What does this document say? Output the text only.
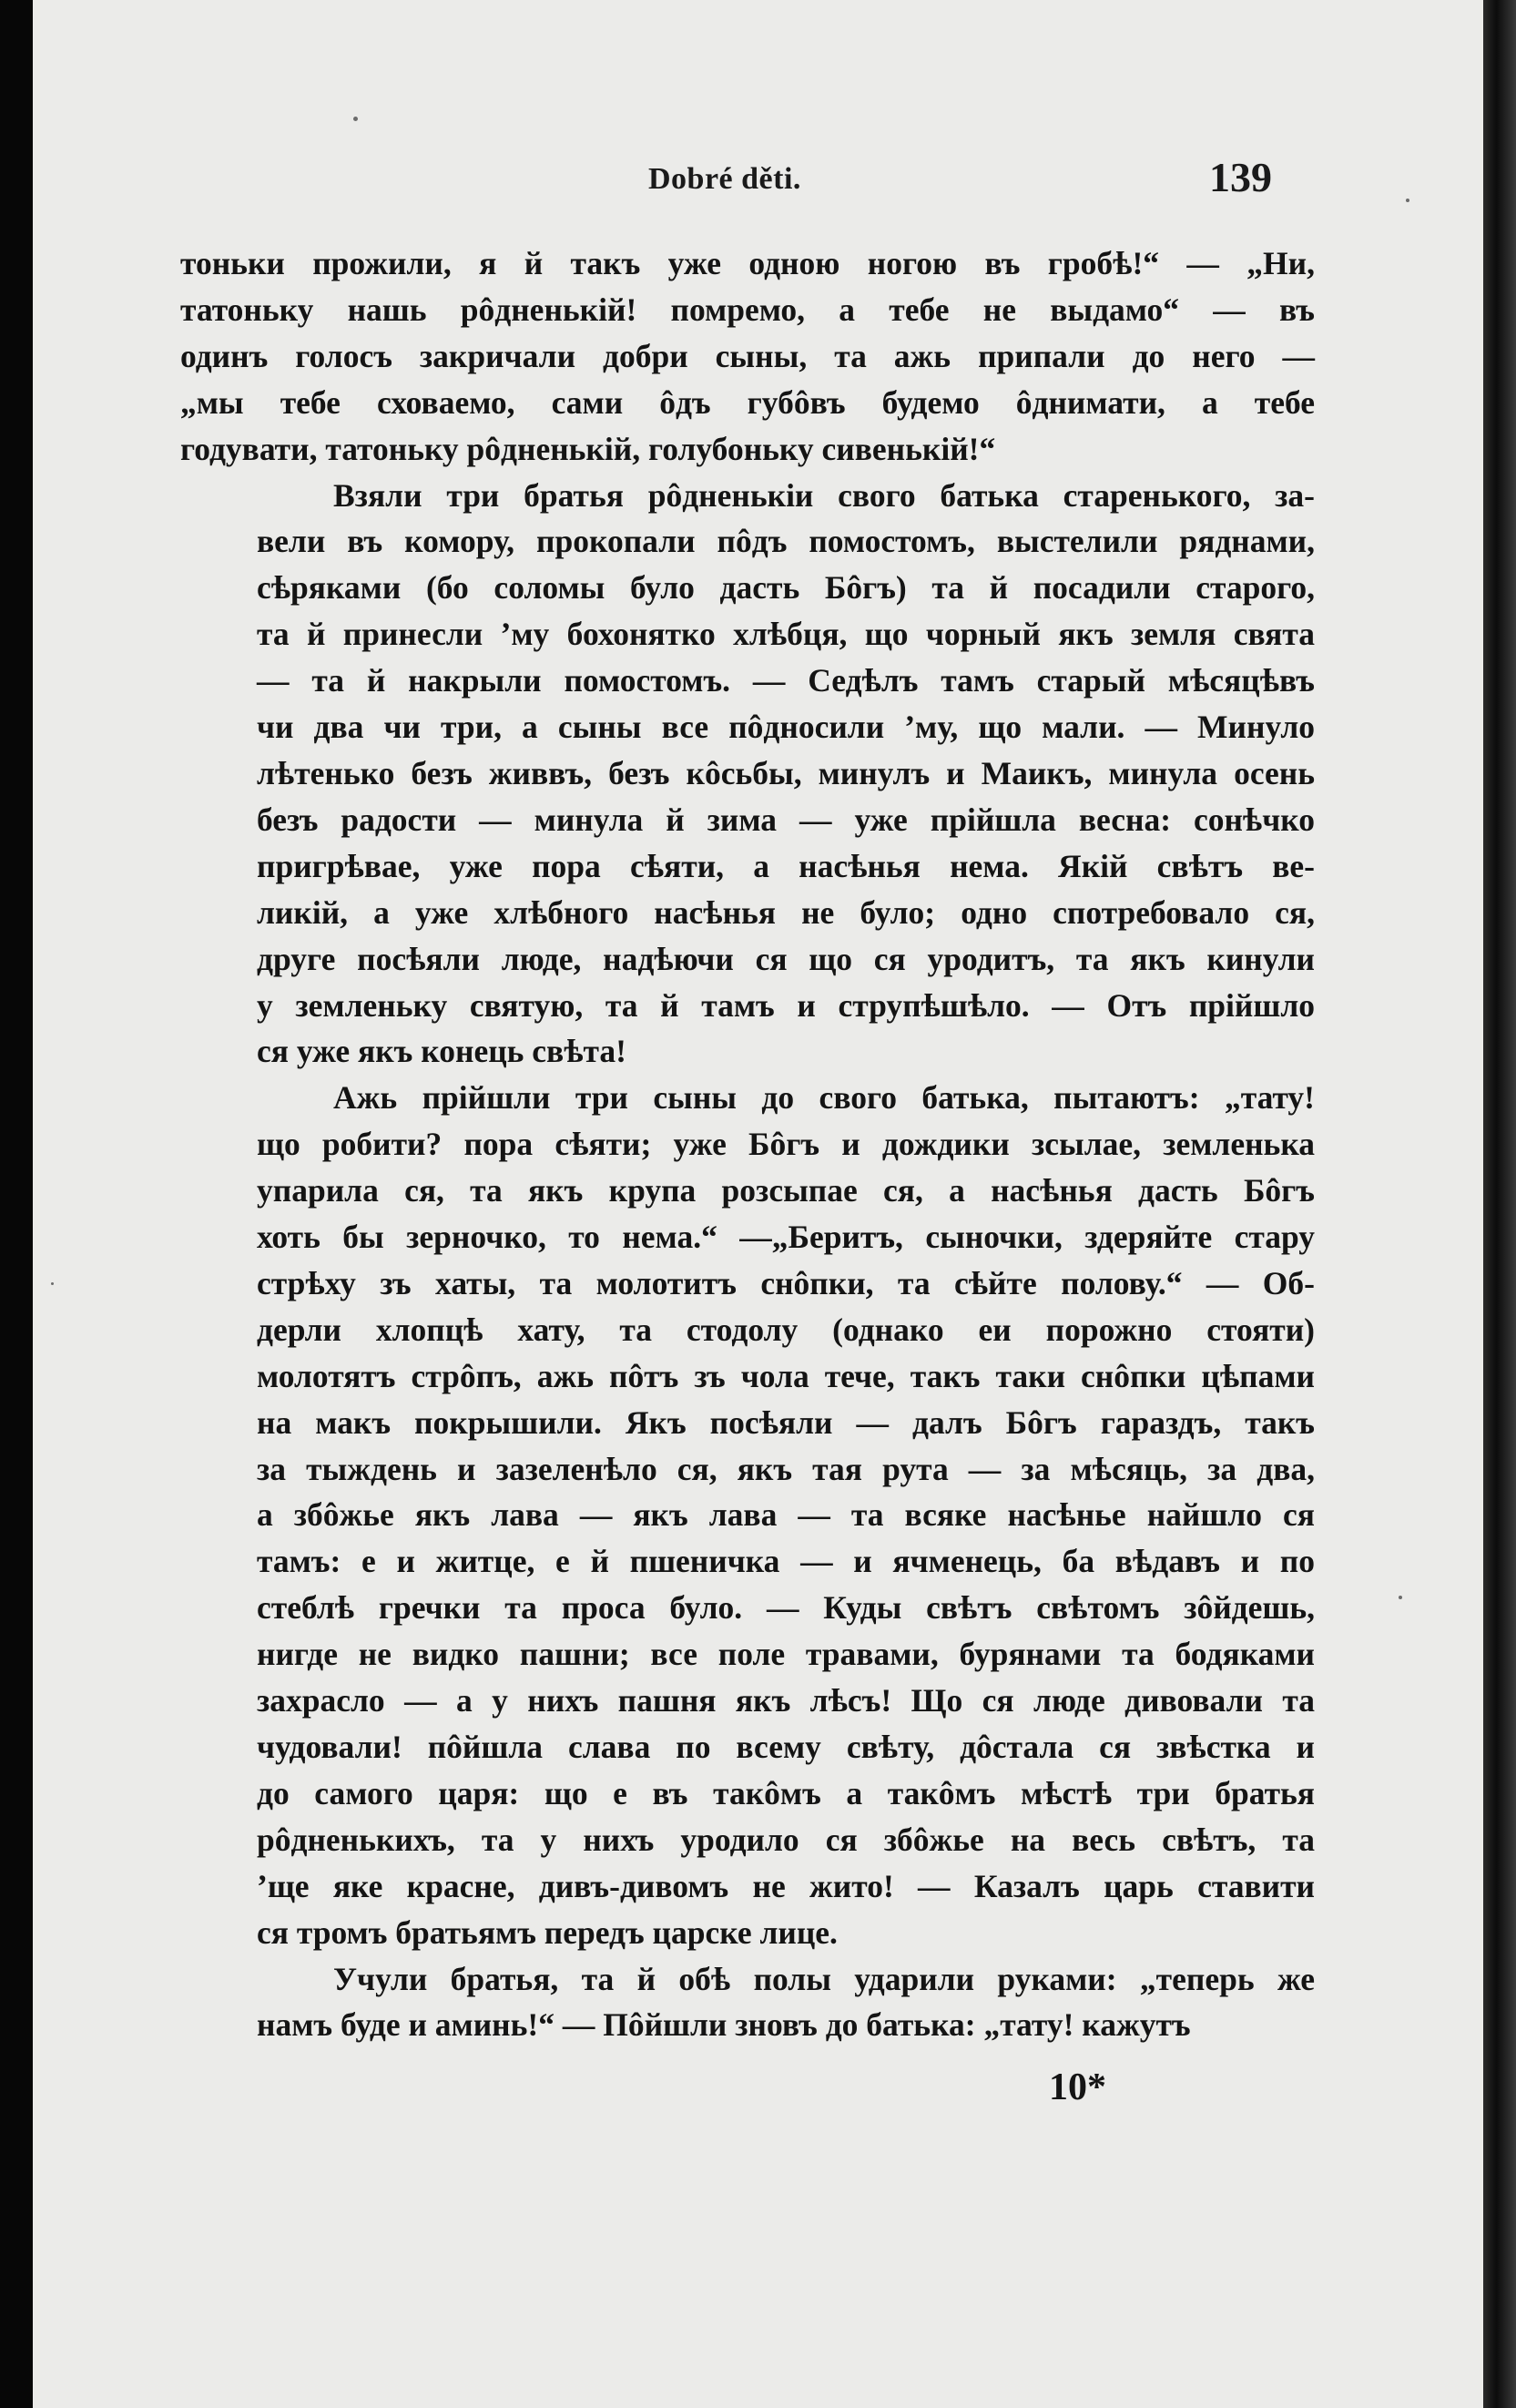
Dobré děti.	139

тоньки прожили, я й такъ уже одною ногою въ гробѣ!“ — „Ни,
татоньку нашь рôдненькій! помремо, а тебе не выдамо“ — въ
одинъ голосъ закричали добри сыны, та ажь припали до него —
„мы тебе сховаемо, сами ôдъ губôвъ будемо ôднимати, а тебе
годувати, татоньку рôдненькій, голубоньку сивенькій!“

Взяли три братья рôдненькіи свого батька старенького, за-
вели въ комору, прокопали пôдъ помостомъ, выстелили ряднами,
сѣряками (бо соломы було дасть Бôгъ) та й посадили старого,
та й принесли ’му бохонятко хлѣбця, що чорный якъ земля свята
— та й накрыли помостомъ. — Седѣлъ тамъ старый мѣсяцѣвъ
чи два чи три, а сыны все пôдносили ’му, що мали. — Минуло
лѣтенько безъ живвъ, безъ кôсьбы, минулъ и Маикъ, минула осень
безъ радости — минула й зима — уже прійшла весна: сонѣчко
пригрѣвае, уже пора сѣяти, а насѣнья нема. Якій свѣтъ ве-
ликій, а уже хлѣбного насѣнья не було; одно спотребовало ся,
друге посѣяли люде, надѣючи ся що ся уродитъ, та якъ кинули
у земленьку святую, та й тамъ и струпѣшѣло. — Отъ прійшло
ся уже якъ конець свѣта!

Ажь прійшли три сыны до свого батька, пытаютъ: „тату!
що робити? пора сѣяти; уже Бôгъ и дождики зсылае, земленька
упарила ся, та якъ крупа розсыпае ся, а насѣнья дасть Бôгъ
хоть бы зерночко, то нема.“ —„Беритъ, сыночки, здеряйте стару
стрѣху зъ хаты, та молотитъ снôпки, та сѣйте полову.“ — Об-
дерли хлопцѣ хату, та стодолу (однако еи порожно стояти)
молотятъ стрôпъ, ажь пôтъ зъ чола тече, такъ таки снôпки цѣпами
на макъ покрышили. Якъ посѣяли — далъ Бôгъ гараздъ, такъ
за тыждень и зазеленѣло ся, якъ тая рута — за мѣсяць, за два,
а збôжье якъ лава — якъ лава — та всяке насѣнье найшло ся
тамъ: е и житце, е й пшеничка — и ячменець, ба вѣдавъ и по
стеблѣ гречки та проса було. — Куды свѣтъ свѣтомъ зôйдешь,
нигде не видко пашни; все поле травами, бурянами та бодяками
захрасло — а у нихъ пашня якъ лѣсъ! Що ся люде дивовали та
чудовали! пôйшла слава по всему свѣту, дôстала ся звѣстка и
до самого царя: що е въ такôмъ а такôмъ мѣстѣ три братья
рôдненькихъ, та у нихъ уродило ся збôжье на весь свѣтъ, та
’ще яке красне, дивъ-дивомъ не жито! — Казалъ царь ставити
ся тромъ братьямъ передъ царске лице.

Учули братья, та й обѣ полы ударили руками: „теперь же
намъ буде и аминь!“ — Пôйшли зновъ до батька: „тату! кажутъ

10*
